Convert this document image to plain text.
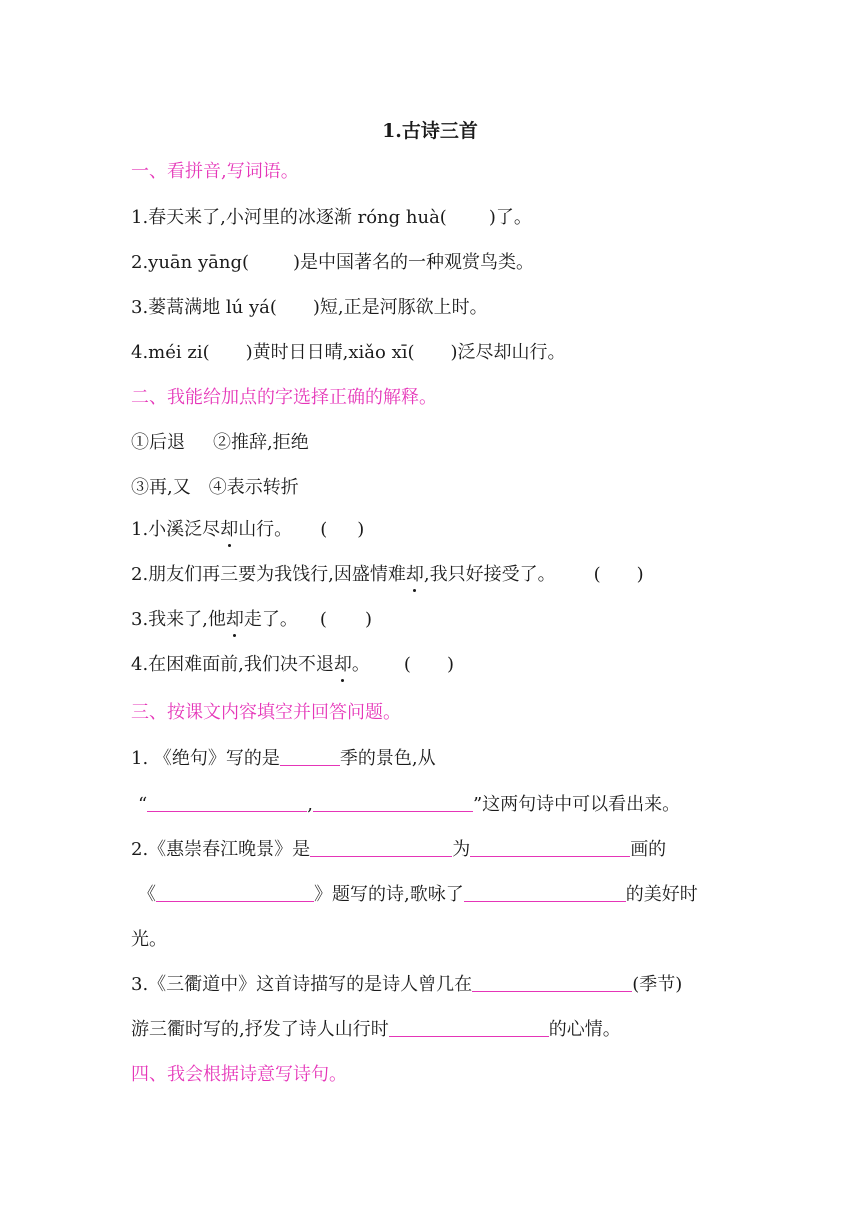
1.古诗三首
一、看拼音,写词语。
1.春天来了,小河里的冰逐渐 róng huà( )了。
2.yuān yāng( )是中国著名的一种观赏鸟类。
3.蒌蒿满地 lú yá( )短,正是河豚欲上时。
4.méi zi( )黄时日日晴,xiǎo xī( )泛尽却山行。
二、我能给加点的字选择正确的解释。
①后退 ②推辞,拒绝
③再,又 ④表示转折
1.小溪泛尽却山行。 ( )
2.朋友们再三要为我饯行,因盛情难却,我只好接受了。 ( )
3.我来了,他却走了。 ( )
4.在困难面前,我们决不退却。 ( )
三、按课文内容填空并回答问题。
1. 《绝句》写的是	季的景色,从
“	,	”这两句诗中可以看出来。
2.《惠崇春江晚景》是	为	画的
《	》题写的诗,歌咏了	的美好时
光。
3.《三衢道中》这首诗描写的是诗人曾几在	(季节)
游三衢时写的,抒发了诗人山行时	的心情。
四、我会根据诗意写诗句。
